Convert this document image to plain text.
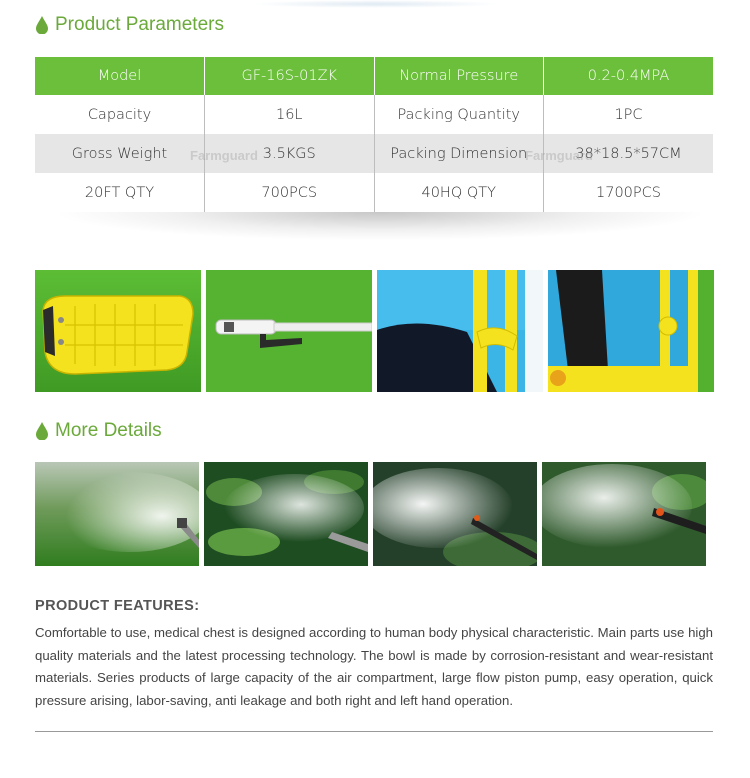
Product Parameters
Model	GF-16S-01ZK	Normal Pressure	0.2-0.4MPA
Capacity	16L	Packing Quantity	1PC
Gross Weight	3.5KGS	Packing Dimension	38*18.5*57CM
20FT QTY	700PCS	40HQ QTY	1700PCS
Farmguard	Farmguard
More Details
PRODUCT FEATURES:

Comfortable to use, medical chest is designed according to human body physical characteristic. Main parts use high quality materials and the latest processing technology. The bowl is made by corrosion-resistant and wear-resistant materials. Series products of large capacity of the air compartment, large flow piston pump, easy operation, quick pressure arising, labor-saving, anti leakage and both right and left hand operation.
